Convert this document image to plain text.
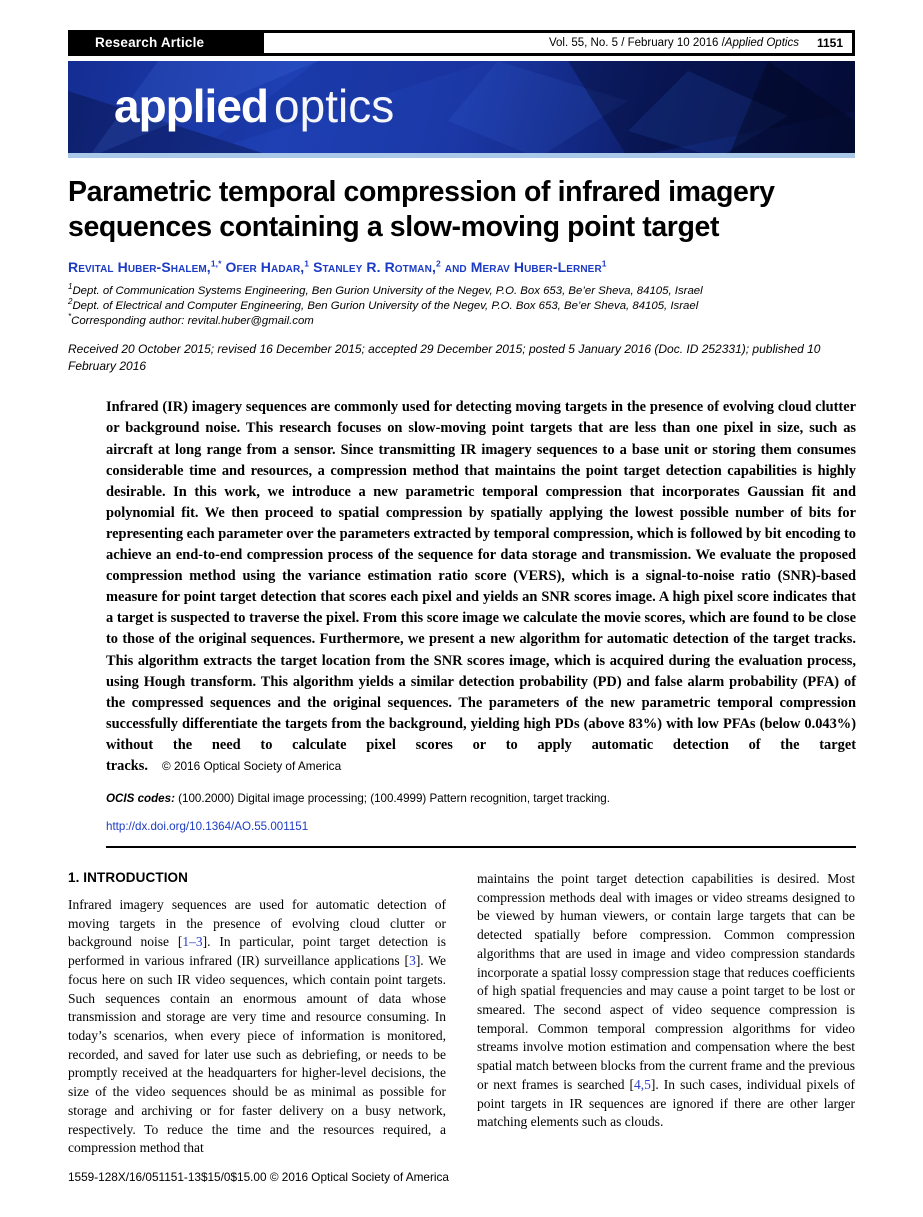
Research Article	Vol. 55, No. 5 / February 10 2016 / Applied Optics 1151
applied optics
Parametric temporal compression of infrared imagery sequences containing a slow-moving point target
Revital Huber-Shalem,$^{1,*}$ Ofer Hadar,$^1$ Stanley R. Rotman,$^2$ and Merav Huber-Lerner$^1$
$^1$Dept. of Communication Systems Engineering, Ben Gurion University of the Negev, P.O. Box 653, Be’er Sheva, 84105, Israel
$^2$Dept. of Electrical and Computer Engineering, Ben Gurion University of the Negev, P.O. Box 653, Be’er Sheva, 84105, Israel
*Corresponding author: revital.huber@gmail.com
Received 20 October 2015; revised 16 December 2015; accepted 29 December 2015; posted 5 January 2016 (Doc. ID 252331); published 10 February 2016
Infrared (IR) imagery sequences are commonly used for detecting moving targets in the presence of evolving cloud clutter or background noise. This research focuses on slow-moving point targets that are less than one pixel in size, such as aircraft at long range from a sensor. Since transmitting IR imagery sequences to a base unit or storing them consumes considerable time and resources, a compression method that maintains the point target detection capabilities is highly desirable. In this work, we introduce a new parametric temporal compression that incorporates Gaussian fit and polynomial fit. We then proceed to spatial compression by spatially applying the lowest possible number of bits for representing each parameter over the parameters extracted by temporal compression, which is followed by bit encoding to achieve an end-to-end compression process of the sequence for data storage and transmission. We evaluate the proposed compression method using the variance estimation ratio score (VERS), which is a signal-to-noise ratio (SNR)-based measure for point target detection that scores each pixel and yields an SNR scores image. A high pixel score indicates that a target is suspected to traverse the pixel. From this score image we calculate the movie scores, which are found to be close to those of the original sequences. Furthermore, we present a new algorithm for automatic detection of the target tracks. This algorithm extracts the target location from the SNR scores image, which is acquired during the evaluation process, using Hough transform. This algorithm yields a similar detection probability (PD) and false alarm probability (PFA) of the compressed sequences and the original sequences. The parameters of the new parametric temporal compression successfully differentiate the targets from the background, yielding high PDs (above 83%) with low PFAs (below 0.043%) without the need to calculate pixel scores or to apply automatic detection of the target tracks. © 2016 Optical Society of America
OCIS codes: (100.2000) Digital image processing; (100.4999) Pattern recognition, target tracking.
http://dx.doi.org/10.1364/AO.55.001151
1. INTRODUCTION

Infrared imagery sequences are used for automatic detection of moving targets in the presence of evolving cloud clutter or background noise [1–3]. In particular, point target detection is performed in various infrared (IR) surveillance applications [3]. We focus here on such IR video sequences, which contain point targets. Such sequences contain an enormous amount of data whose transmission and storage are very time and resource consuming. In today’s scenarios, when every piece of information is monitored, recorded, and saved for later use such as debriefing, or needs to be promptly received at the headquarters for higher-level decisions, the size of the video sequences should be as minimal as possible for storage and archiving or for faster delivery on a busy network, respectively. To reduce the time and the resources required, a compression method that

maintains the point target detection capabilities is desired. Most compression methods deal with images or video streams designed to be viewed by human viewers, or contain large targets that can be detected spatially before compression. Common compression algorithms that are used in image and video compression standards incorporate a spatial lossy compression stage that reduces coefficients of high spatial frequencies and may cause a point target to be lost or smeared. The second aspect of video sequence compression is temporal. Common temporal compression algorithms for video streams involve motion estimation and compensation where the best spatial match between blocks from the current frame and the previous or next frames is searched [4,5]. In such cases, individual pixels of point targets in IR sequences are ignored if there are other larger matching elements such as clouds.

1559-128X/16/051151-13$15/0$15.00 © 2016 Optical Society of America
